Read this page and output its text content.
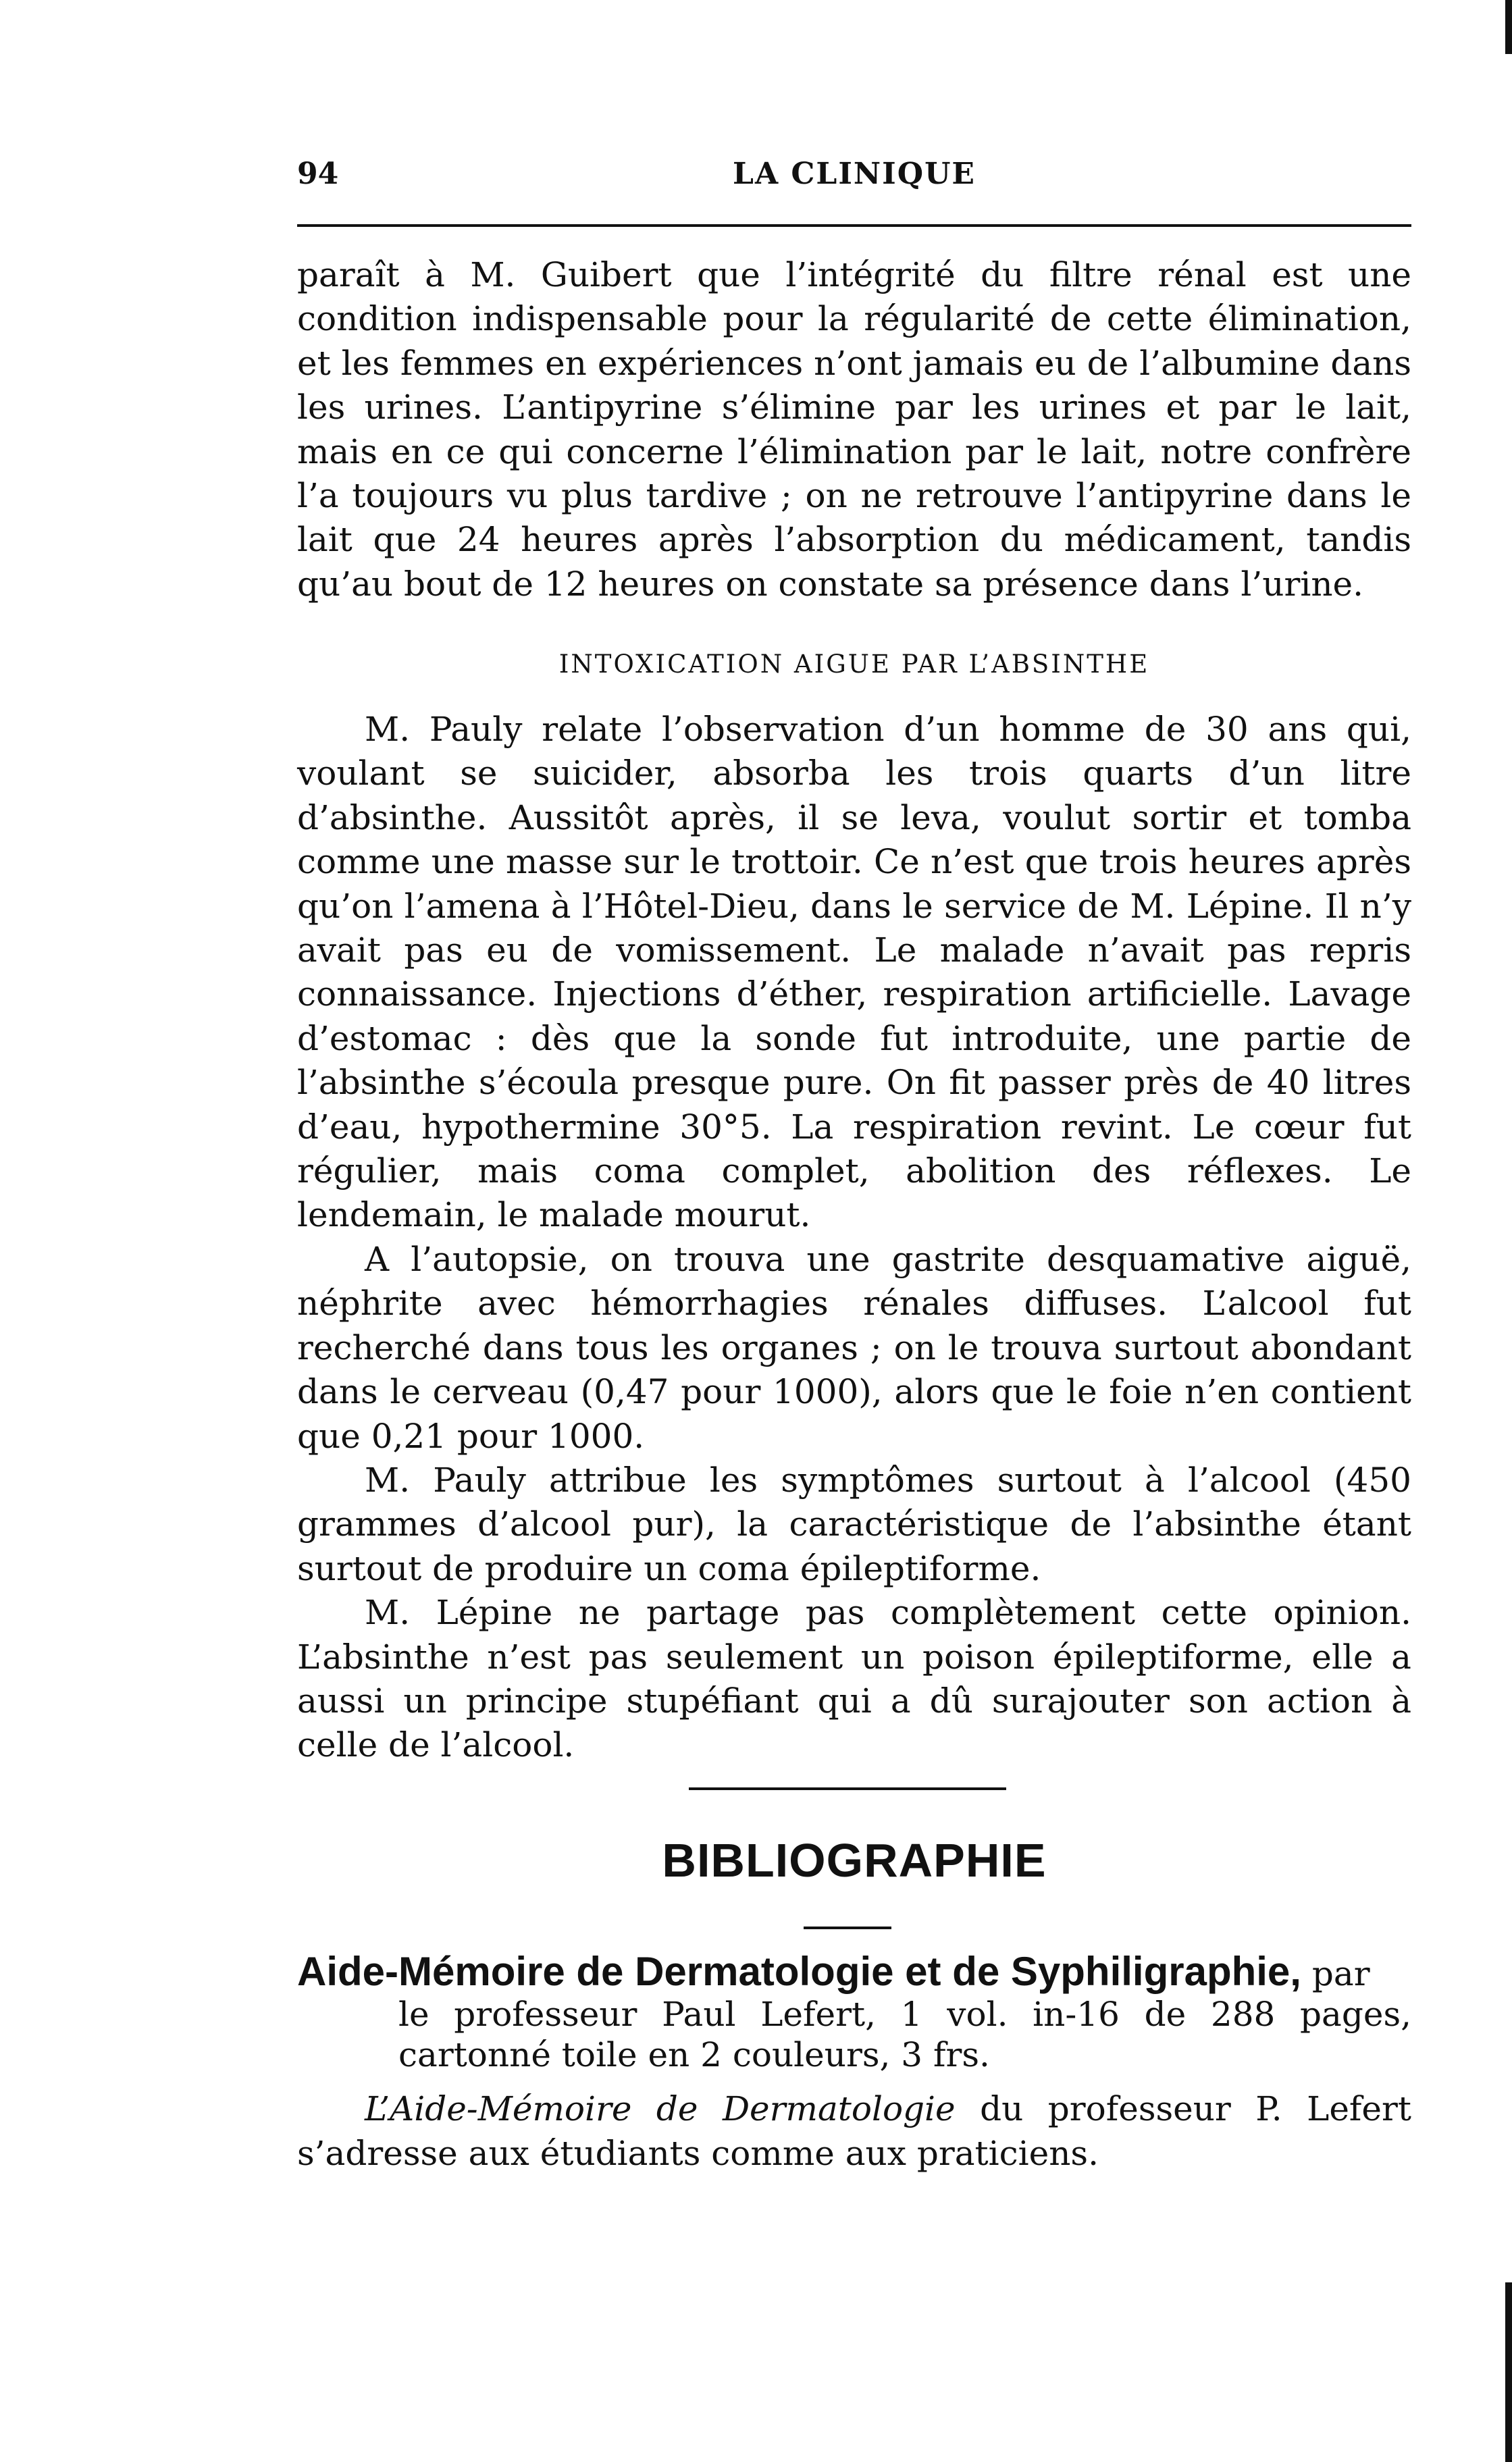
94	LA CLINIQUE

paraît à M. Guibert que l’intégrité du filtre rénal est une condition indispensable pour la régularité de cette élimination, et les femmes en expériences n’ont jamais eu de l’albumine dans les urines. L’antipyrine s’élimine par les urines et par le lait, mais en ce qui concerne l’élimination par le lait, notre confrère l’a toujours vu plus tardive ; on ne retrouve l’antipyrine dans le lait que 24 heures après l’absorption du médicament, tandis qu’au bout de 12 heures on constate sa présence dans l’urine.

INTOXICATION AIGUE PAR L’ABSINTHE

M. Pauly relate l’observation d’un homme de 30 ans qui, voulant se suicider, absorba les trois quarts d’un litre d’absinthe. Aussitôt après, il se leva, voulut sortir et tomba comme une masse sur le trottoir. Ce n’est que trois heures après qu’on l’amena à l’Hôtel-Dieu, dans le service de M. Lépine. Il n’y avait pas eu de vomissement. Le malade n’avait pas repris connaissance. Injections d’éther, respiration artificielle. Lavage d’estomac : dès que la sonde fut introduite, une partie de l’absinthe s’écoula presque pure. On fit passer près de 40 litres d’eau, hypothermine 30°5. La respiration revint. Le cœur fut régulier, mais coma complet, abolition des réflexes. Le lendemain, le malade mourut.

A l’autopsie, on trouva une gastrite desquamative aiguë, néphrite avec hémorrhagies rénales diffuses. L’alcool fut recherché dans tous les organes ; on le trouva surtout abondant dans le cerveau (0,47 pour 1000), alors que le foie n’en contient que 0,21 pour 1000.

M. Pauly attribue les symptômes surtout à l’alcool (450 grammes d’alcool pur), la caractéristique de l’absinthe étant surtout de produire un coma épileptiforme.

M. Lépine ne partage pas complètement cette opinion. L’absinthe n’est pas seulement un poison épileptiforme, elle a aussi un principe stupéfiant qui a dû surajouter son action à celle de l’alcool.

BIBLIOGRAPHIE
Aide-Mémoire de Dermatologie et de Syphiligraphie, par

le professeur Paul Lefert, 1 vol. in-16 de 288 pages, cartonné toile en 2 couleurs, 3 frs.

L’Aide-Mémoire de Dermatologie du professeur P. Lefert s’adresse aux étudiants comme aux praticiens.
